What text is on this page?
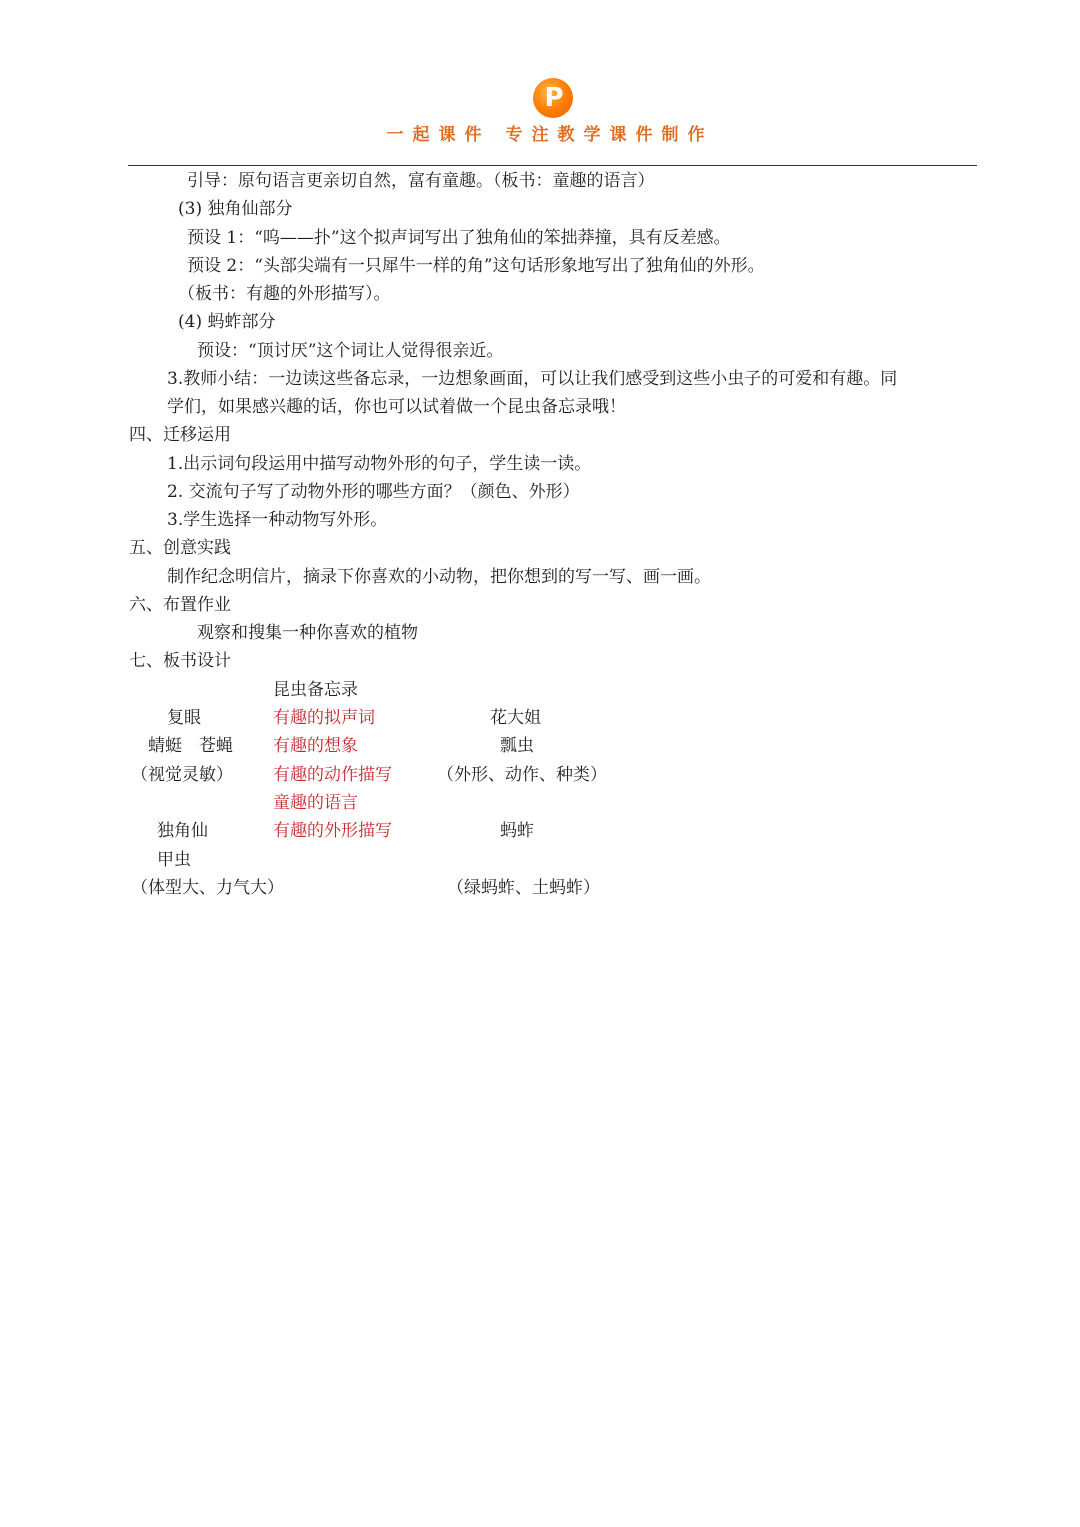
P
一起课件 专注教学课件制作
引导：原句语言更亲切自然，富有童趣。（板书：童趣的语言）
(3) 独角仙部分
预设 1：“呜——扑”这个拟声词写出了独角仙的笨拙莽撞，具有反差感。
预设 2：“头部尖端有一只犀牛一样的角”这句话形象地写出了独角仙的外形。
（板书：有趣的外形描写）。
(4) 蚂蚱部分
预设：“顶讨厌”这个词让人觉得很亲近。
3.教师小结：一边读这些备忘录，一边想象画面，可以让我们感受到这些小虫子的可爱和有趣。同
学们，如果感兴趣的话，你也可以试着做一个昆虫备忘录哦！
四、迁移运用
1.出示词句段运用中描写动物外形的句子，学生读一读。
2. 交流句子写了动物外形的哪些方面？（颜色、外形）
3.学生选择一种动物写外形。
五、创意实践
制作纪念明信片，摘录下你喜欢的小动物，把你想到的写一写、画一画。
六、布置作业
观察和搜集一种你喜欢的植物
七、板书设计
昆虫备忘录
复眼
蜻蜓　苍蝇
（视觉灵敏）
独角仙
甲虫
（体型大、力气大）
有趣的拟声词
有趣的想象
有趣的动作描写
童趣的语言
有趣的外形描写
花大姐
瓢虫
（外形、动作、种类）
蚂蚱
（绿蚂蚱、土蚂蚱）
